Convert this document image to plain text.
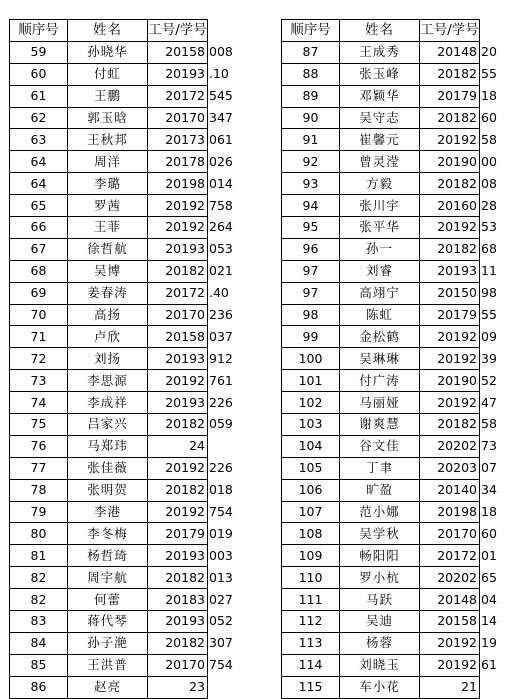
顺序号	姓名	工号/学号	
59	孙晓华	20158	008
60	付虹	20193	.10
61	王鹏	20172	545
62	郭玉晗	20170	347
63	王秋邦	20173	061
64	周洋	20178	026
64	李璐	20198	014
65	罗茜	20192	758
66	王菲	20192	264
67	徐哲航	20193	053
68	吴博	20182	021
69	姜春涛	20172	.40
70	高扬	20170	236
71	卢欣	20158	037
72	刘扬	20193	912
73	李思源	20192	761
74	李成祥	20193	226
75	吕家兴	20182	059
76	马郑玮	24	
77	张佳薇	20192	226
78	张明贺	20182	018
79	李港	20192	754
80	李冬梅	20179	019
81	杨哲琦	20193	003
82	周宇航	20182	013
82	何蕾	20183	027
83	蒋代琴	20193	052
84	孙子滟	20182	307
85	王洪普	20170	754
86	赵亮	23	
顺序号	姓名	工号/学号	
87	王成秀	20148	20
88	张玉峰	20182	55
89	邓颖华	20179	18
90	吴守志	20182	60
91	崔馨元	20192	58
92	曾灵滢	20190	00
93	方毅	20182	08
94	张川宇	20160	28
95	张平华	20192	53
96	孙一	20182	68
97	刘睿	20193	11
97	高翊宁	20150	98
98	陈虹	20179	55
99	金松鹤	20192	09
100	吴琳琳	20192	39
101	付广涛	20190	52
102	马丽娅	20192	47
103	谢爽慧	20182	58
104	谷文佳	20202	73
105	丁聿	20203	07
106	旷盈	20140	34
107	范小娜	20198	18
108	吴学秋	20170	60
109	畅阳阳	20172	01
110	罗小杭	20202	65
111	马跃	20148	04
112	吴迪	20158	14
113	杨蓉	20192	19
114	刘晓玉	20192	61
115	车小花	21	
